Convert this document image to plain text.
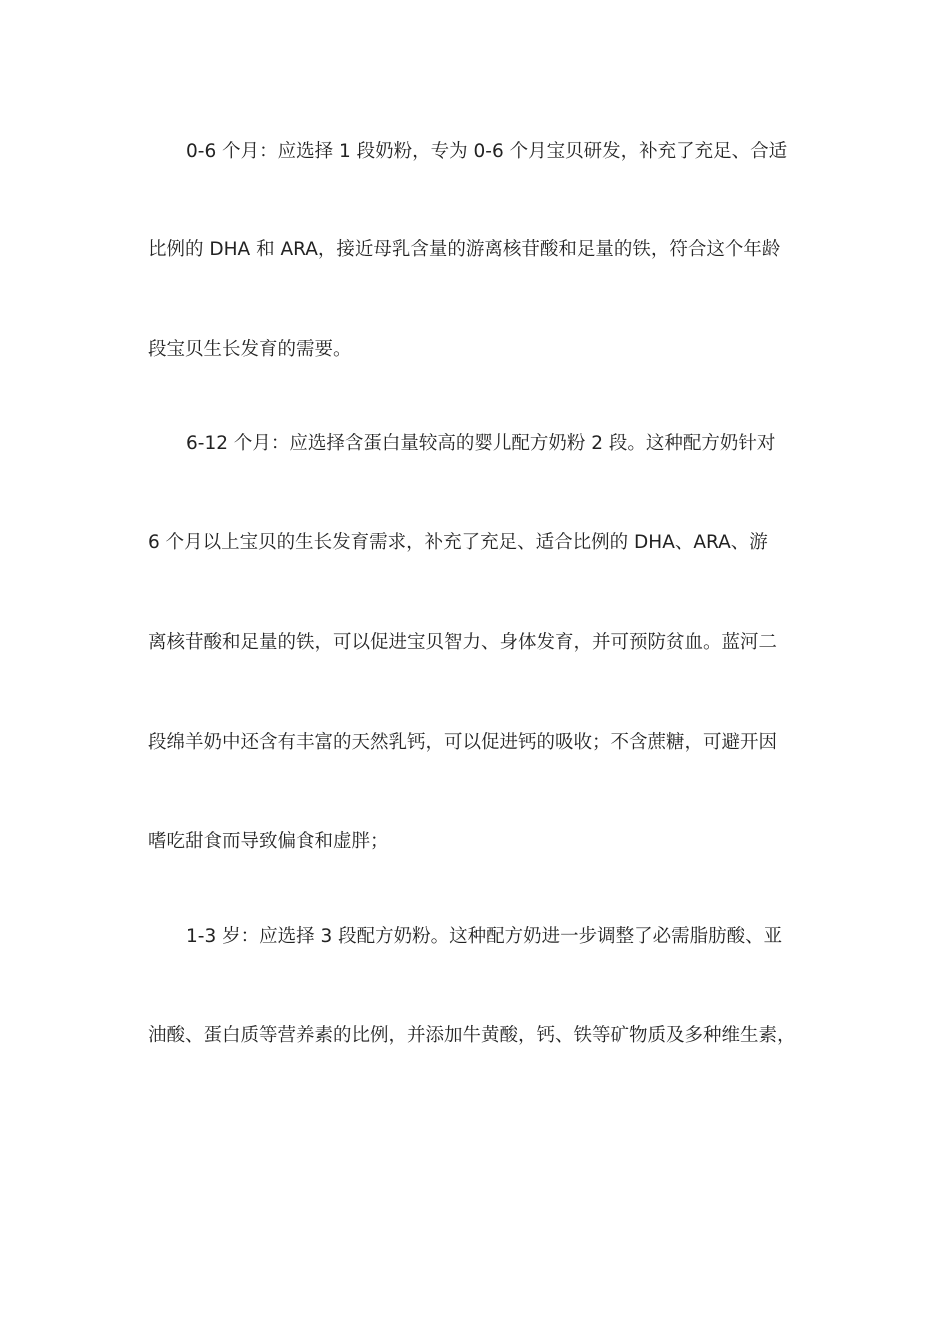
0-6 个月：应选择 1 段奶粉，专为 0-6 个月宝贝研发，补充了充足、合适
比例的 DHA 和 ARA，接近母乳含量的游离核苷酸和足量的铁，符合这个年龄
段宝贝生长发育的需要。
6-12 个月：应选择含蛋白量较高的婴儿配方奶粉 2 段。这种配方奶针对
6 个月以上宝贝的生长发育需求，补充了充足、适合比例的 DHA、ARA、游
离核苷酸和足量的铁，可以促进宝贝智力、身体发育，并可预防贫血。蓝河二
段绵羊奶中还含有丰富的天然乳钙，可以促进钙的吸收；不含蔗糖，可避开因
嗜吃甜食而导致偏食和虚胖；
1-3 岁：应选择 3 段配方奶粉。这种配方奶进一步调整了必需脂肪酸、亚
油酸、蛋白质等营养素的比例，并添加牛黄酸，钙、铁等矿物质及多种维生素，
